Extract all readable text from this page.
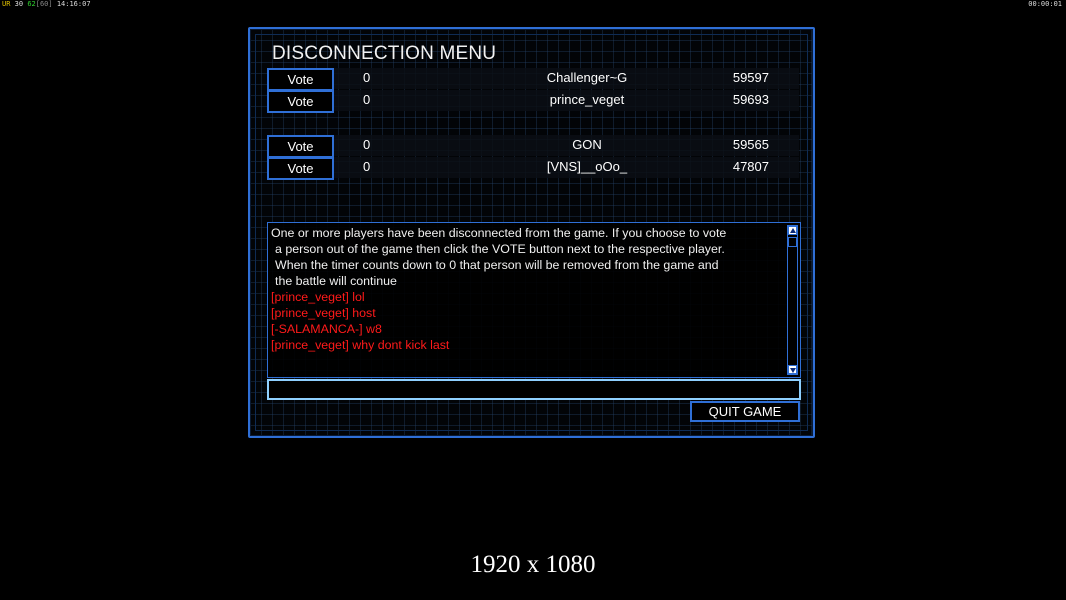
UR 30 62[60] 14:16:07	00:00:01
DISCONNECTION MENU
Vote	0	Challenger~G	59597
Vote	0	prince_veget	59693
Vote	0	GON	59565
Vote	0	[VNS]__oOo_	47807
One or more players have been disconnected from the game. If you choose to vote
a person out of the game then click the VOTE button next to the respective player.
When the timer counts down to 0 that person will be removed from the game and
the battle will continue
[prince_veget] lol
[prince_veget] host
[-SALAMANCA-] w8
[prince_veget] why dont kick last
QUIT GAME
1920 x 1080
